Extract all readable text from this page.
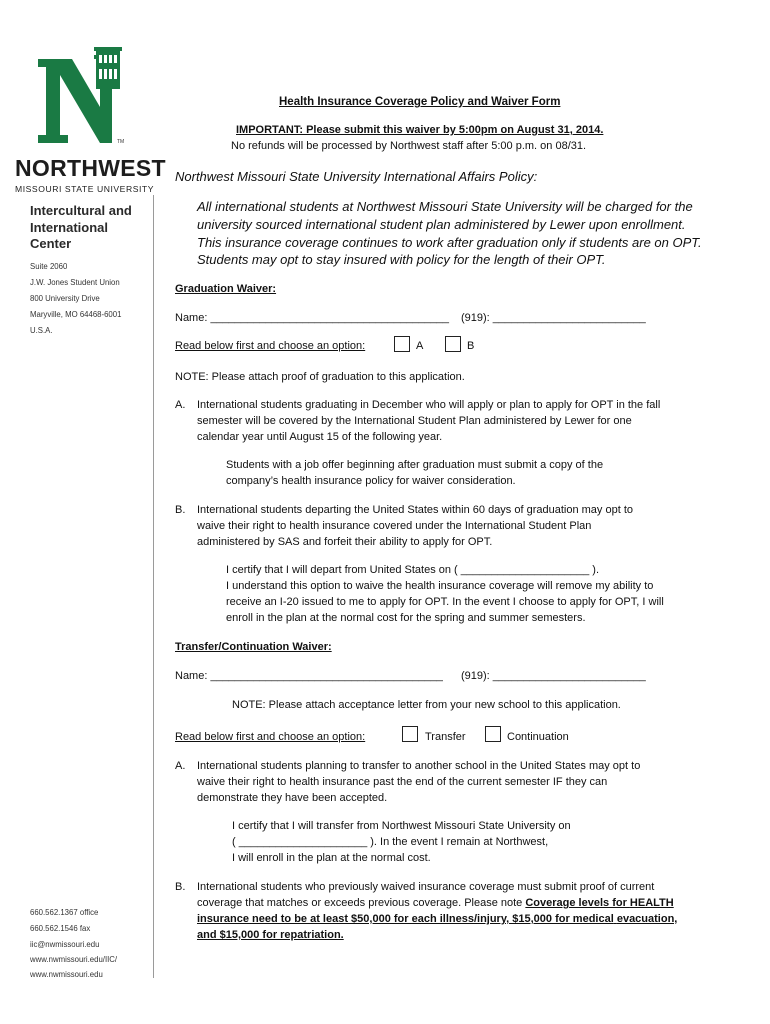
TM
NORTHWEST
MISSOURI STATE UNIVERSITY
Intercultural and
International
Center
Suite 2060
J.W. Jones Student Union
800 University Drive
Maryville, MO 64468-6001
U.S.A.
660.562.1367 office
660.562.1546 fax
iic@nwmissouri.edu
www.nwmissouri.edu/IIC/
www.nwmissouri.edu
Health Insurance Coverage Policy and Waiver Form
IMPORTANT: Please submit this waiver by 5:00pm on August 31, 2014.
No refunds will be processed by Northwest staff after 5:00 p.m. on 08/31.
Northwest Missouri State University International Affairs Policy:
All international students at Northwest Missouri State University will be charged for the
university sourced international student plan administered by Lewer upon enrollment.
This insurance coverage continues to work after graduation only if students are on OPT.
Students may opt to stay insured with policy for the length of their OPT.
Graduation Waiver:
Name: _______________________________________ (919): _________________________
Read below first and choose an option:	A	B
NOTE: Please attach proof of graduation to this application.
A. International students graduating in December who will apply or plan to apply for OPT in the fall
semester will be covered by the International Student Plan administered by Lewer for one
calendar year until August 15 of the following year.
Students with a job offer beginning after graduation must submit a copy of the
company’s health insurance policy for waiver consideration.
B. International students departing the United States within 60 days of graduation may opt to
waive their right to health insurance covered under the International Student Plan
administered by SAS and forfeit their ability to apply for OPT.
I certify that I will depart from United States on ( _____________________ ).
I understand this option to waive the health insurance coverage will remove my ability to
receive an I-20 issued to me to apply for OPT. In the event I choose to apply for OPT, I will
enroll in the plan at the normal cost for the spring and summer semesters.
Transfer/Continuation Waiver:
Name: ______________________________________ (919): _________________________
NOTE: Please attach acceptance letter from your new school to this application.
Read below first and choose an option:	Transfer	Continuation
A. International students planning to transfer to another school in the United States may opt to
waive their right to health insurance past the end of the current semester IF they can
demonstrate they have been accepted.
I certify that I will transfer from Northwest Missouri State University on
( _____________________ ). In the event I remain at Northwest,
I will enroll in the plan at the normal cost.
B. International students who previously waived insurance coverage must submit proof of current
coverage that matches or exceeds previous coverage. Please note Coverage levels for HEALTH
insurance need to be at least $50,000 for each illness/injury, $15,000 for medical evacuation,
and $15,000 for repatriation.
